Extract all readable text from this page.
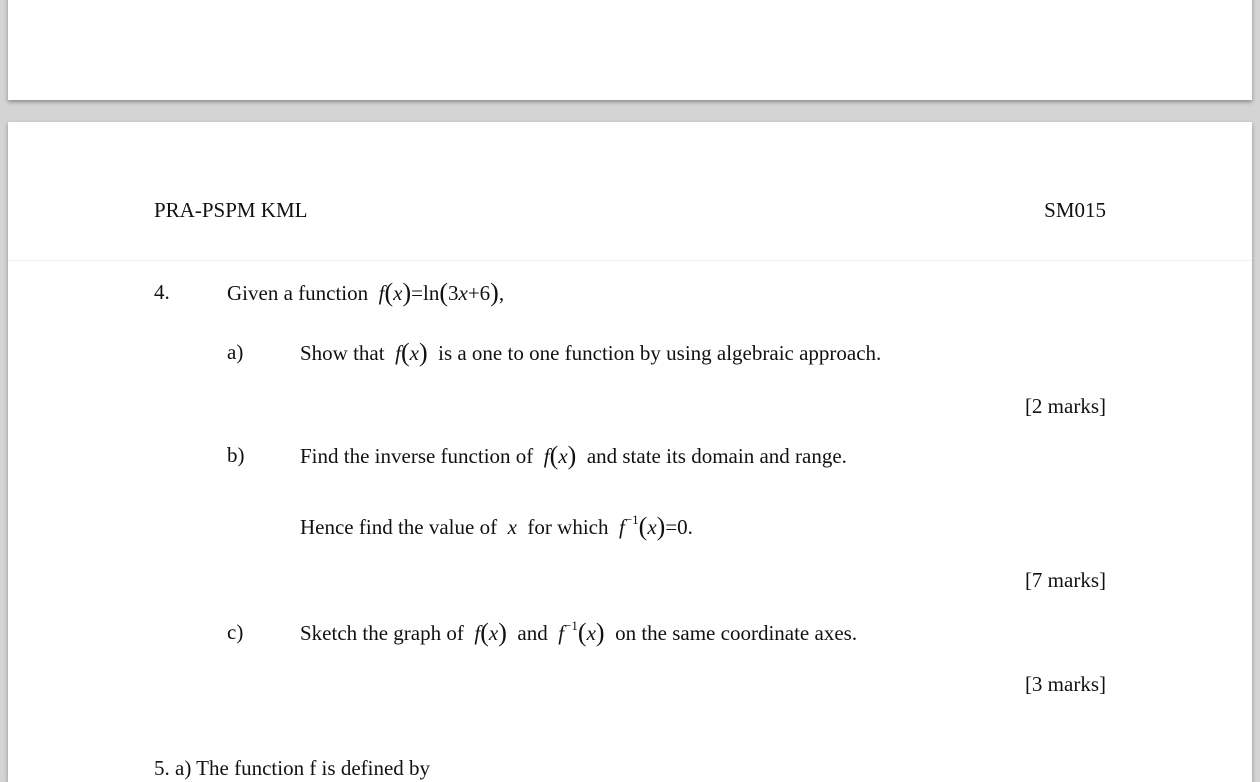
PRA-PSPM KML	SM015
4.	Given a function  f(x)=ln(3x+6),
a)	Show that  f(x) is a one to one function by using algebraic approach.
[2 marks]
b)	Find the inverse function of  f(x) and state its domain and range.
Hence find the value of  x  for which  $f^{-1}(x)=0$.
[7 marks]
c)	Sketch the graph of  f(x) and  $f^{-1}(x)$ on the same coordinate axes.
[3 marks]
5. a) The function f is defined by
